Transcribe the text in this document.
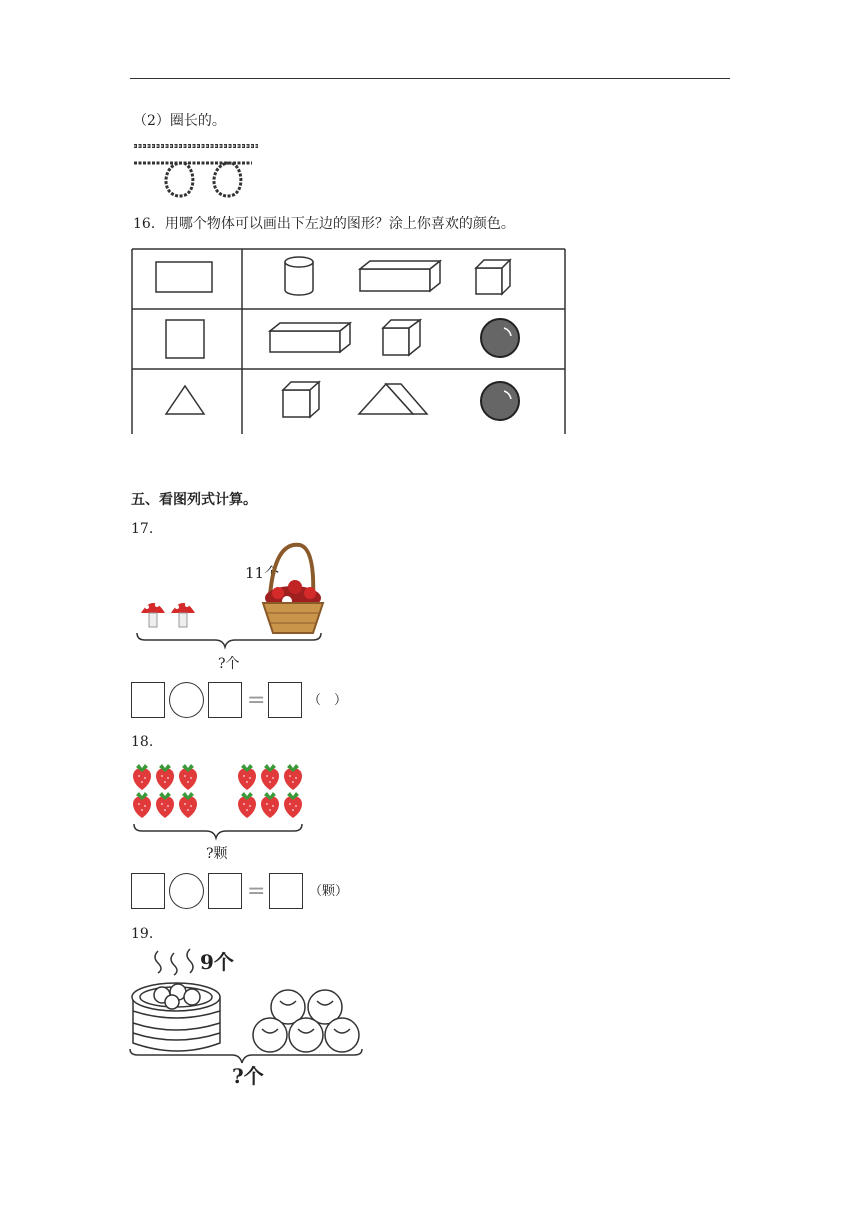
（2）圈长的。
16．用哪个物体可以画出下左边的图形？涂上你喜欢的颜色。
五、看图列式计算。
17.
11个
?个
=	（　）
18.
?颗
=	（颗）
19.
9个
?个
